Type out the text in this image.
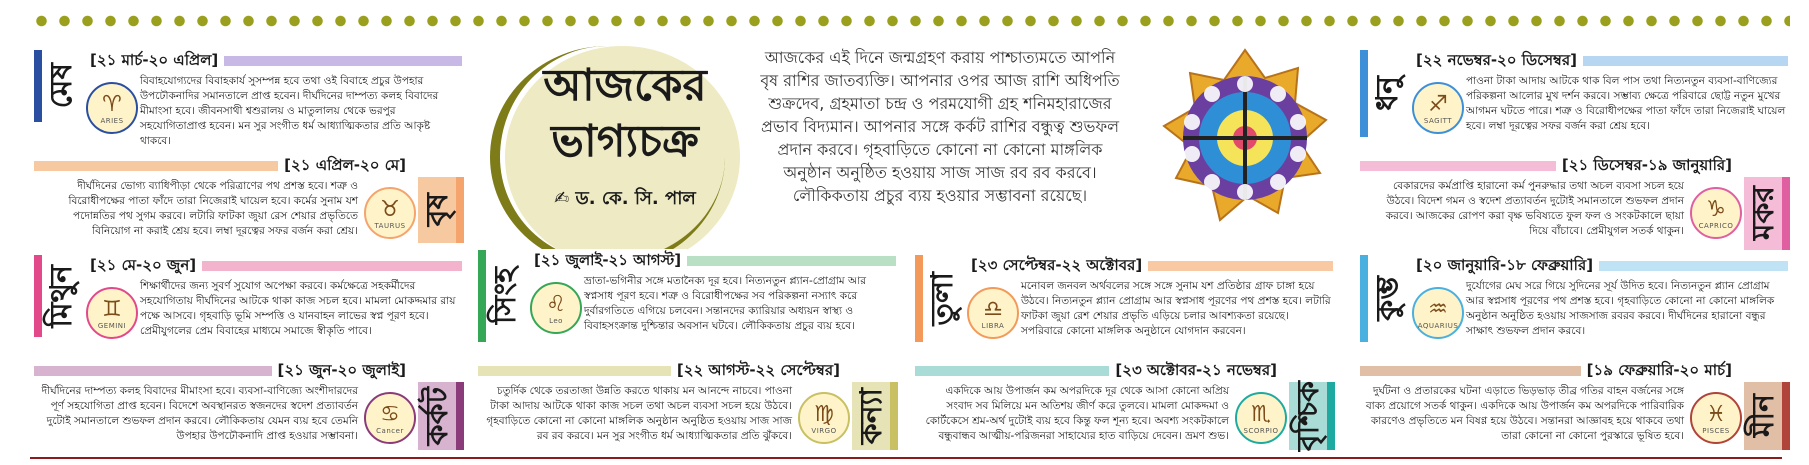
আজকের
ভাগ্যচক্র
✍ ড. কে. সি. পাল
আজকের এই দিনে জন্মগ্রহণ করায় পাশ্চাত্যমতে আপনি বৃষ রাশির জাতব্যক্তি। আপনার ওপর আজ রাশি অধিপতি শুক্রদেব, গ্রহমাতা চন্দ্র ও পরমযোগী গ্রহ শনিমহারাজের প্রভাব বিদ্যমান। আপনার সঙ্গে কর্কট রাশির বন্ধুত্ব শুভফল প্রদান করবে। গৃহবাড়িতে কোনো না কোনো মাঙ্গলিক অনুষ্ঠান অনুষ্ঠিত হওয়ায় সাজ সাজ রব রব করবে। লৌকিকতায় প্রচুর ব্যয় হওয়ার সম্ভাবনা রয়েছে।
মেষ
[২১ মার্চ-২০ এপ্রিল]
♈
ARIES
বিবাহযোগ্যদের বিবাহকার্য সুসম্পন্ন হবে তথা ওই বিবাহে প্রচুর উপহার উপঢৌকনাদির সমানতালে প্রাপ্ত হবেন। দীর্ঘদিনের দাম্পত্য কলহ বিবাদের মীমাংসা হবে। জীবনসাথী শ্বশুরালয় ও মাতুলালয় থেকে ভরপুর সহযোগিতাপ্রাপ্ত হবেন। মন সুর সংগীত ধর্ম আধ্যাত্মিকতার প্রতি আকৃষ্ট থাকবে।
বৃষ
[২১ এপ্রিল-২০ মে]
♉
TAURUS
দীর্ঘদিনের ভোগ্য ব্যাধিপীড়া থেকে পরিত্রাণের পথ প্রশস্ত হবে। শত্রু ও বিরোধীপক্ষের পাতা ফাঁদে তারা নিজেরাই ঘায়েল হবে। কর্মের সুনাম যশ পদোন্নতির পথ সুগম করবে। লটারি ফাটকা জুয়া রেস শেয়ার প্রভৃতিতে বিনিয়োগ না করাই শ্রেয় হবে। লম্বা দূরত্বের সফর বর্জন করা শ্রেয়।
মিথুন
[২১ মে-২০ জুন]
♊
GEMINI
শিক্ষার্থীদের জন্য সুবর্ণ সুযোগ অপেক্ষা করবে। কর্মক্ষেত্রে সহকর্মীদের সহযোগিতায় দীর্ঘদিনের আটকে থাকা কাজ সচল হবে। মামলা মোকদ্দমার রায় পক্ষে আসবে। গৃহবাড়ি ভূমি সম্পত্তি ও যানবাহন লাভের স্বপ্ন পূরণ হবে। প্রেমীযুগলের প্রেম বিবাহের মাধ্যমে সমাজে স্বীকৃতি পাবে।
কর্কট
[২১ জুন-২০ জুলাই]
♋
Cancer
দীর্ঘদিনের দাম্পত্য কলহ বিবাদের মীমাংসা হবে। ব্যবসা-বাণিজ্যে অংশীদারদের পূর্ণ সহযোগিতা প্রাপ্ত হবেন। বিদেশে অবস্থানরত স্বজনদের স্বদেশ প্রত্যাবর্তন দুটোই সমানতালে শুভফল প্রদান করবে। লৌকিকতায় যেমন ব্যয় হবে তেমনি উপহার উপঢৌকনাদি প্রাপ্ত হওয়ার সম্ভাবনা।
সিংহ
[২১ জুলাই-২১ আগস্ট]
♌
Leo
ভ্রাতা-ভগিনীর সঙ্গে মতানৈক্য দূর হবে। নিত্যনতুন প্ল্যান-প্রোগ্রাম আর স্বপ্নসাধ পূরণ হবে। শত্রু ও বিরোধীপক্ষের সব পরিকল্পনা নস্যাৎ করে দুর্বারগতিতে এগিয়ে চলবেন। সন্তানদের ক্যারিয়ার অধ্যয়ন স্বাস্থ্য ও বিবাহসংক্রান্ত দুশ্চিন্তার অবসান ঘটবে। লৌকিকতায় প্রচুর ব্যয় হবে।
কন্যা
[২২ আগস্ট-২২ সেপ্টেম্বর]
♍
VIRGO
চতুর্দিক থেকে তরতাজা উন্নতি করতে থাকায় মন আনন্দে নাচবে। পাওনা টাকা আদায় আটকে থাকা কাজ সচল তথা অচল ব্যবসা সচল হয়ে উঠবে। গৃহবাড়িতে কোনো না কোনো মাঙ্গলিক অনুষ্ঠান অনুষ্ঠিত হওয়ায় সাজ সাজ রব রব করবে। মন সুর সংগীত ধর্ম আধ্যাত্মিকতার প্রতি ঝুঁকবে।
তুলা
[২৩ সেপ্টেম্বর-২২ অক্টোবর]
♎
LIBRA
মনোবল জনবল অর্থবলের সঙ্গে সঙ্গে সুনাম যশ প্রতিষ্ঠার গ্রাফ চাঙ্গা হয়ে উঠবে। নিত্যনতুন প্ল্যান প্রোগ্রাম আর স্বপ্নসাধ পূরণের পথ প্রশস্ত হবে। লটারি ফাটকা জুয়া রেশ শেয়ার প্রভৃতি এড়িয়ে চলার আবশ্যকতা রয়েছে। সপরিবারে কোনো মাঙ্গলিক অনুষ্ঠানে যোগদান করবেন।
বৃশ্চিক
[২৩ অক্টোবর-২১ নভেম্বর]
♏
SCORPIO
একদিকে আয় উপার্জন কম অপরদিকে দূর থেকে আসা কোনো অপ্রিয় সংবাদ সব মিলিয়ে মন অতিশয় জীর্ণ করে তুলবে। মামলা মোকদ্দমা ও কোর্টকেসে শ্রম-অর্থ দুটোই ব্যয় হবে কিন্তু ফল শূন্য হবে। অবশ্য সংকটকালে বন্ধুবান্ধব আত্মীয়-পরিজনরা সাহায্যের হাত বাড়িয়ে দেবেন। ভ্রমণ শুভ।
ধনু
[২২ নভেম্বর-২০ ডিসেম্বর]
♐
SAGITT
পাওনা টাকা আদায় আটকে থাক বিল পাস তথা নিত্যনতুন ব্যবসা-বাণিজ্যের পরিকল্পনা আলোর মুখ দর্শন করবে। সম্ভাব্য ক্ষেত্রে পরিবারে ছোট্ট নতুন মুখের আগমন ঘটতে পারে। শত্রু ও বিরোধীপক্ষের পাতা ফাঁদে তারা নিজেরাই ঘায়েল হবে। লম্বা দূরত্বের সফর বর্জন করা শ্রেয় হবে।
মকর
[২১ ডিসেম্বর-১৯ জানুয়ারি]
♑
CAPRICO
বেকারদের কর্মপ্রাপ্তি হারানো কর্ম পুনরুদ্ধার তথা অচল ব্যবসা সচল হয়ে উঠবে। বিদেশ গমন ও স্বদেশ প্রত্যাবর্তন দুটোই সমানতালে শুভফল প্রদান করবে। আজকের রোপণ করা বৃক্ষ ভবিষ্যতে ফুল ফল ও সংকটকালে ছায়া দিয়ে বাঁচাবে। প্রেমীযুগল সতর্ক থাকুন।
কুম্ভ
[২০ জানুয়ারি-১৮ ফেব্রুয়ারি]
♒
AQUARIUS
দুর্যোগের মেঘ সরে গিয়ে সুদিনের সূর্য উদিত হবে। নিত্যনতুন প্ল্যান প্রোগ্রাম আর স্বপ্নসাধ পূরণের পথ প্রশস্ত হবে। গৃহবাড়িতে কোনো না কোনো মাঙ্গলিক অনুষ্ঠান অনুষ্ঠিত হওয়ায় সাজসাজ রবরব করবে। দীর্ঘদিনের হারানো বন্ধুর সাক্ষাৎ শুভফল প্রদান করবে।
মীন
[১৯ ফেব্রুয়ারি-২০ মার্চ]
♓
PISCES
দুর্ঘটনা ও প্রতারকের ঘটনা এড়াতে ভিড়ভাড় তীব্র গতির বাহন বর্জনের সঙ্গে বাক্য প্রয়োগে সতর্ক থাকুন। একদিকে আয় উপার্জন কম অপরদিকে পারিবারিক কারণেও প্রভৃতিতে মন বিষণ্ণ হয়ে উঠবে। সন্তানরা আজ্ঞাবহ হয়ে থাকবে তথা তারা কোনো না কোনো পুরস্কারে ভূষিত হবে।
